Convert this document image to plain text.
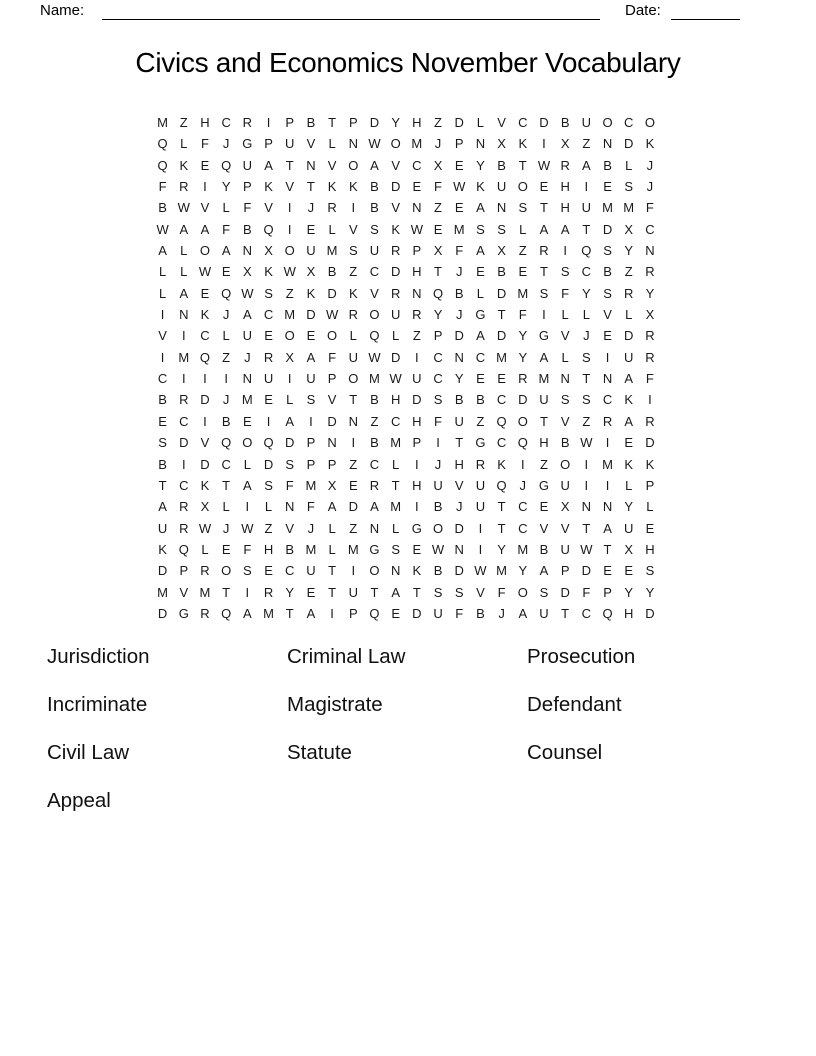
Name:	Date:
Civics and Economics November Vocabulary
M Z H C R	I	P B T P D Y H Z D L	V C D B U O C O
Q L	F	J G P U V	L N W O M J	P N X K	I	X Z N D K
Q K E Q U A T N V O A V C X E Y B T W R A B	L	J
F R	I	Y P K V T K K B D E F W K U O E H	I	E S	J
B W V	L	F V	I	J	R	I	B V N Z E A N S T H U M M F
W A A F B Q	I	E	L	V S K W E M S S	L	A A T D X C
A	L O A N X O U M S U R P X F A X Z R	I	Q S Y N
L	L W E X K W X B Z C D H T	J	E B E T S C B Z R
L	A E Q W S Z K D K V R N Q B	L D M S F Y S R Y
I	N K	J	A C M D W R O U R Y	J G T	F	I	L	L	V	L	X
V	I	C L U E O E O L Q L	Z P D A D Y G V	J	E D R
I	M Q Z	J	R X A F U W D	I	C N C M Y A	L	S	I	U R
C	I	I	I	N U	I	U P O M W U C Y E E R M N T N A F
B R D	J M E	L	S V T B H D S B B C D U S S C K	I
E C	I	B E	I	A	I	D N Z C H F U Z Q O T V Z R A R
S D V Q O Q D P N	I	B M P	I	T G C Q H B W	I	E D
B	I	D C L D S P P Z C L	I	J	H R K	I	Z O	I	M K K
T C K T A S F M X E R T H U V U Q J G U	I	I	L	P
A R X	L	I	L N F A D A M	I	B	J	U T C E X N N Y	L
U R W J W Z V	J	L	Z N L G O D	I	T C V V T A U E
K Q L	E F H B M L M G S E W N	I	Y M B U W T X H
D P R O S E C U T	I	O N K B D W M Y A P D E E S
M V M T	I	R Y E T U T A T S S V F O S D F P Y Y
D G R Q A M T A	I	P Q E D U F B	J	A U T C Q H D
Jurisdiction	Criminal Law	Prosecution
Incriminate	Magistrate	Defendant
Civil Law	Statute	Counsel
Appeal
